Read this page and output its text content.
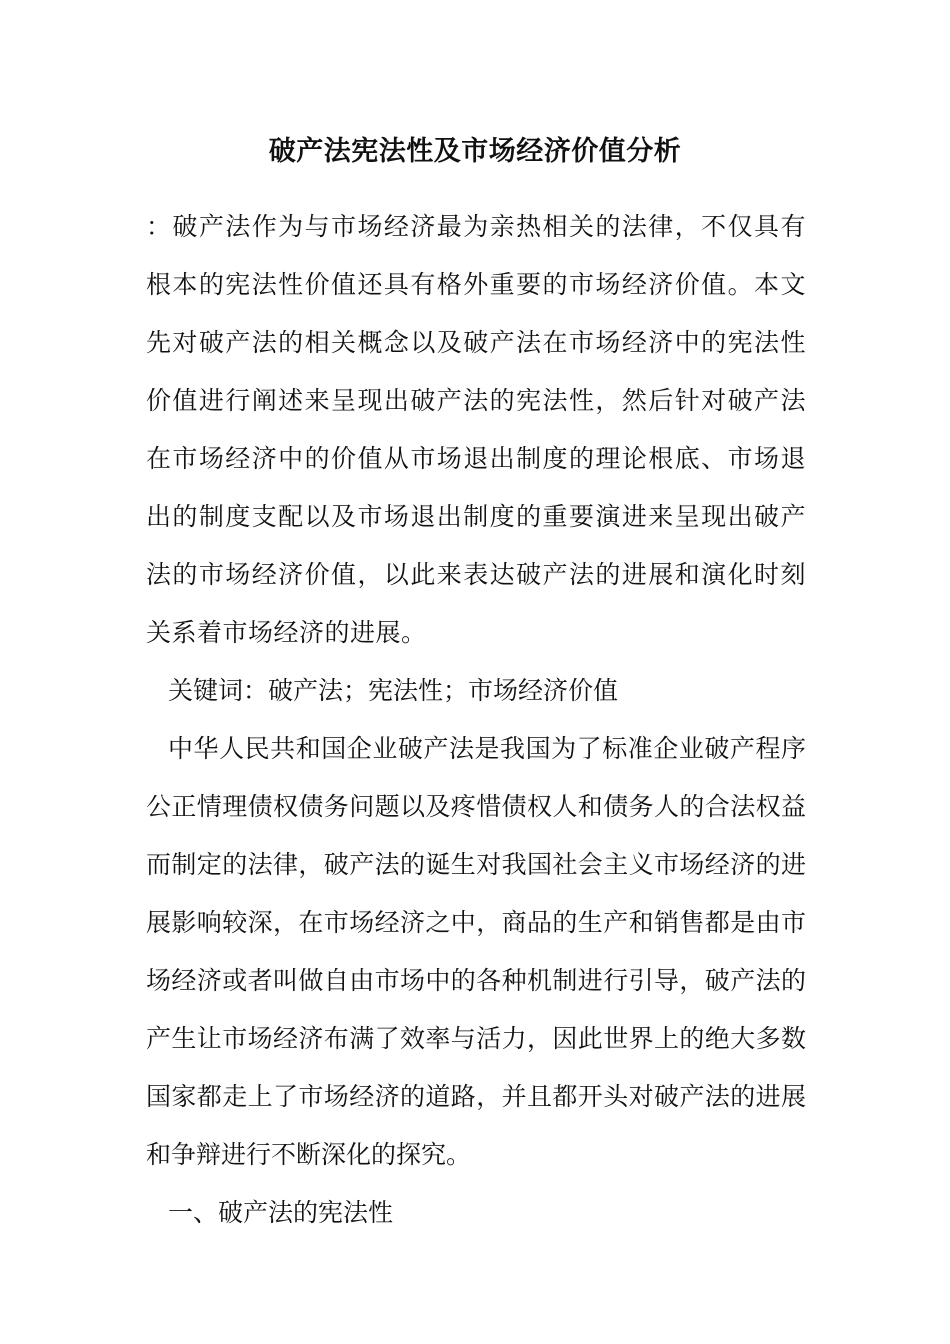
破产法宪法性及市场经济价值分析

：破产法作为与市场经济最为亲热相关的法律，不仅具有根本的宪法性价值还具有格外重要的市场经济价值。本文先对破产法的相关概念以及破产法在市场经济中的宪法性价值进行阐述来呈现出破产法的宪法性，然后针对破产法在市场经济中的价值从市场退出制度的理论根底、市场退出的制度支配以及市场退出制度的重要演进来呈现出破产法的市场经济价值，以此来表达破产法的进展和演化时刻关系着市场经济的进展。

关键词：破产法；宪法性；市场经济价值

中华人民共和国企业破产法是我国为了标准企业破产程序公正情理债权债务问题以及疼惜债权人和债务人的合法权益而制定的法律，破产法的诞生对我国社会主义市场经济的进展影响较深，在市场经济之中，商品的生产和销售都是由市场经济或者叫做自由市场中的各种机制进行引导，破产法的产生让市场经济布满了效率与活力，因此世界上的绝大多数国家都走上了市场经济的道路，并且都开头对破产法的进展和争辩进行不断深化的探究。

一、破产法的宪法性
